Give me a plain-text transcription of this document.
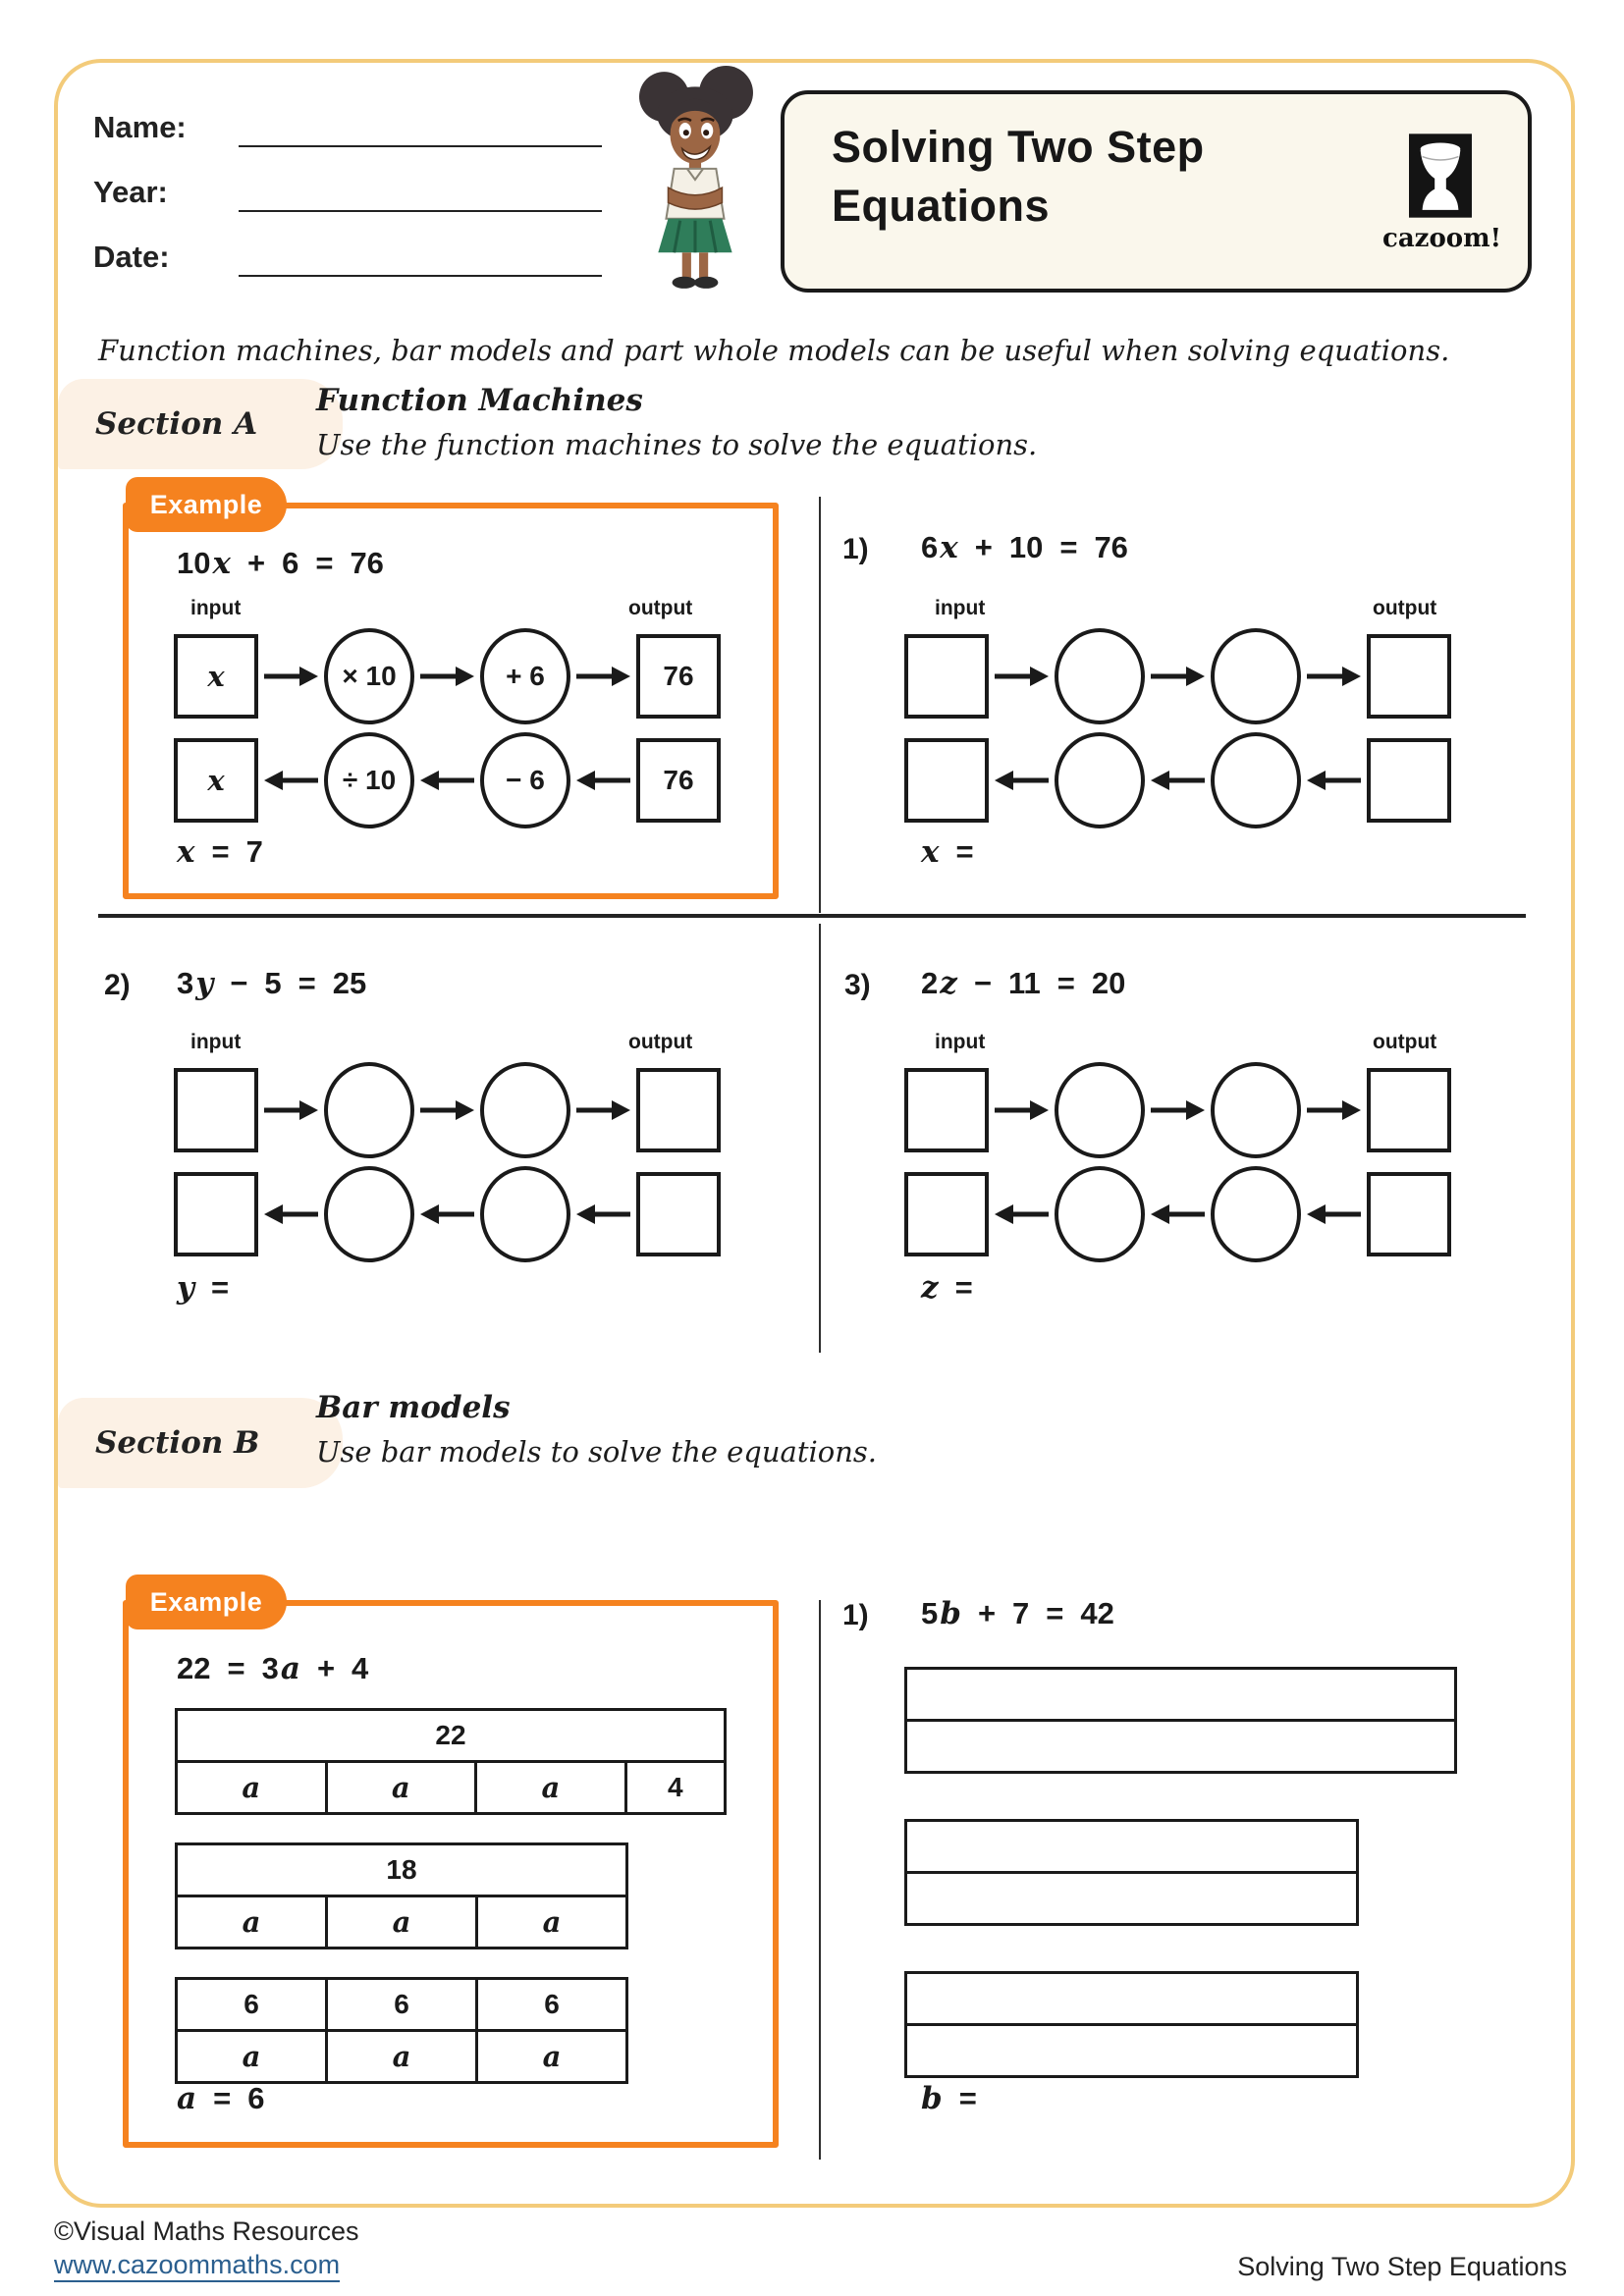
Name:
Year:
Date:
Solving Two Step
Equations
cazoom!
Function machines, bar models and part whole models can be useful when solving equations.
Section A
Function Machines
Use the function machines to solve the equations.
Example
10 x + 6 = 76
input	output
x	× 10	+ 6	76
x	÷ 10	− 6	76
x = 7
1) 6 x + 10 = 76
input	output
x =
2) 3 y − 5 = 25
input	output
y =
3) 2 z − 11 = 20
input	output
z =
Section B
Bar models
Use bar models to solve the equations.
Example
22 = 3 a + 4
22
a	a	a	4
18
a	a	a
6	6	6
a	a	a
a = 6
1) 5 b + 7 = 42
b =
©Visual Maths Resources
www.cazoommaths.com	Solving Two Step Equations
